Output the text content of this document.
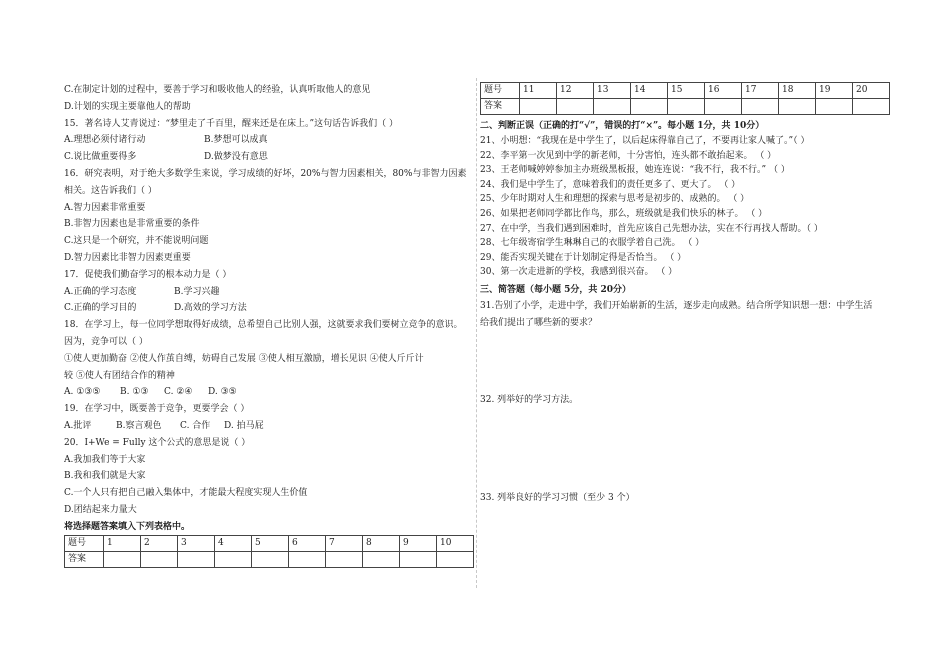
C.在制定计划的过程中，要善于学习和吸收他人的经验，认真听取他人的意见
D.计划的实现主要靠他人的帮助
15．著名诗人艾青说过：“梦里走了千百里，醒来还是在床上。”这句话告诉我们（ ）
A.理想必须付诸行动	B.梦想可以成真
C.说比做重要得多	D.做梦没有意思
16．研究表明，对于绝大多数学生来说，学习成绩的好坏，20%与智力因素相关，80%与非智力因素
相关。这告诉我们（ ）
A.智力因素非常重要
B.非智力因素也是非常重要的条件
C.这只是一个研究，并不能说明问题
D.智力因素比非智力因素更重要
17．促使我们勤奋学习的根本动力是（ ）
A.正确的学习态度	B.学习兴趣
C.正确的学习目的	D.高效的学习方法
18．在学习上，每一位同学想取得好成绩，总希望自己比别人强，这就要求我们要树立竞争的意识。
因为，竞争可以（ ）
①使人更加勤奋 ②使人作茧自缚，妨碍自己发展 ③使人相互激励，增长见识 ④使人斤斤计
较 ⑤使人有团结合作的精神
A. ①③⑤	B. ①③	C. ②④	D. ③⑤
19．在学习中，既要善于竞争，更要学会（ ）
A.批评	B.察言观色	C. 合作	D. 拍马屁
20．I+We = Fully 这个公式的意思是说（ ）
A.我加我们等于大家
B.我和我们就是大家
C.一个人只有把自己融入集体中，才能最大程度实现人生价值
D.团结起来力量大
将选择题答案填入下列表格中。
题号	1	2	3	4	5	6	7	8	9	10
答案										
题号	11	12	13	14	15	16	17	18	19	20
答案										
二、判断正误（正确的打“√”，错误的打“×”。每小题 1分，共 10分）
21、小明想：“我现在是中学生了，以后起床得靠自己了，不要再让家人喊了。”（ ）
22、李平第一次见到中学的新老师，十分害怕，连头都不敢抬起来。 （ ）
23、王老师喊婷婷参加主办班级黑板报，她连连说：“我不行，我不行。” （ ）
24、我们是中学生了，意味着我们的责任更多了、更大了。 （ ）
25、少年时期对人生和理想的探索与思考是初步的、成熟的。 （ ）
26、如果把老师同学都比作鸟，那么，班级就是我们快乐的林子。 （ ）
27、在中学，当我们遇到困难时，首先应该自己先想办法，实在不行再找人帮助。（ ）
28、七年级寄宿学生琳琳自己的衣服学着自己洗。 （ ）
29、能否实现关键在于计划制定得是否恰当。 （ ）
30、第一次走进新的学校，我感到很兴奋。 （ ）
三、简答题（每小题 5分，共 20分）
31.告别了小学，走进中学，我们开始崭新的生活，逐步走向成熟。结合所学知识想一想：中学生活
给我们提出了哪些新的要求？
32. 列举好的学习方法。
33. 列举良好的学习习惯（至少 3 个）
